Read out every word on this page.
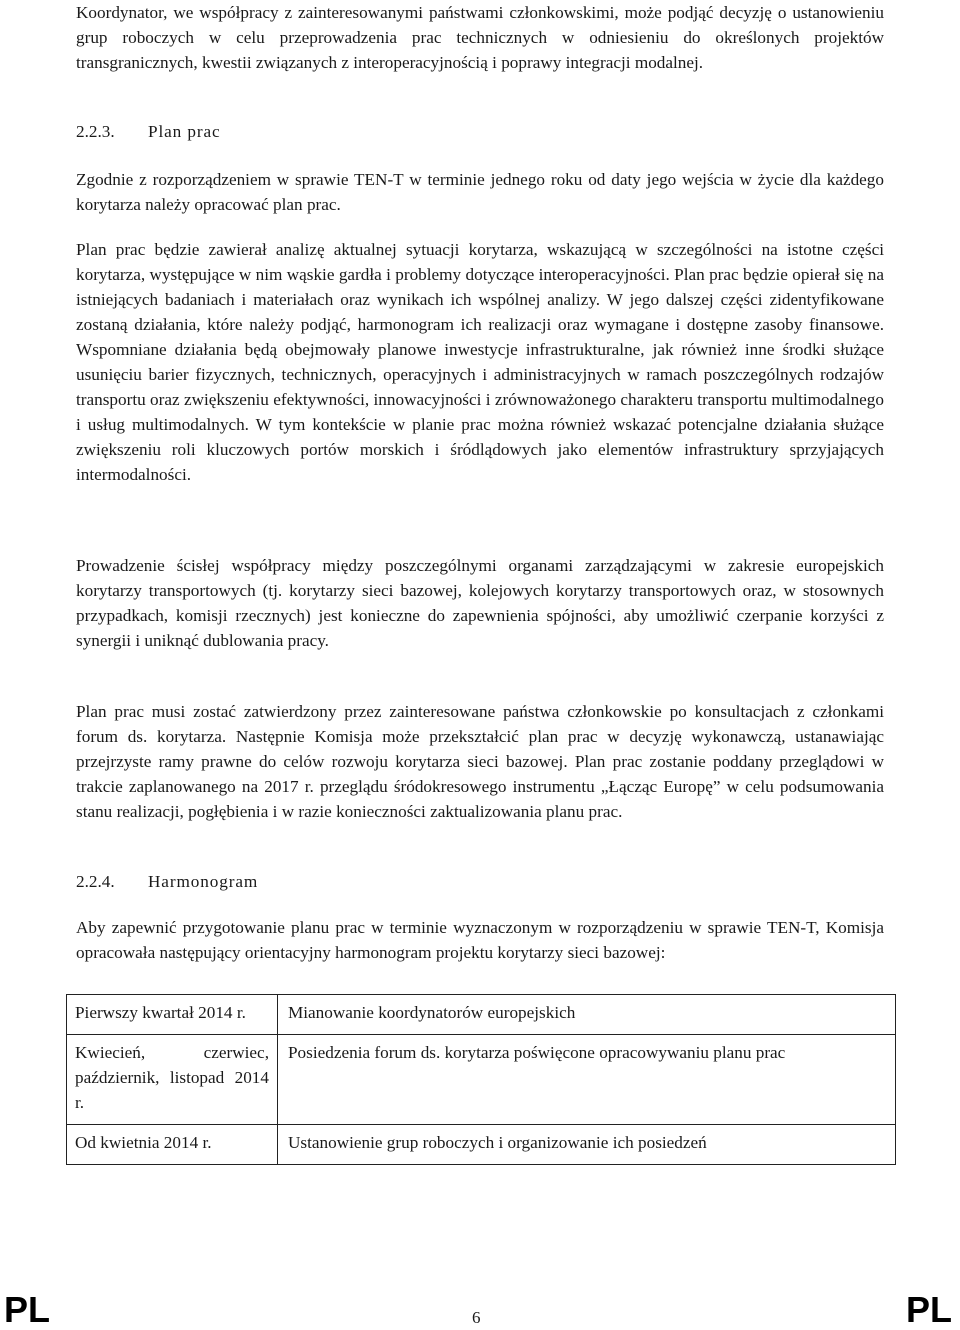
Koordynator, we współpracy z zainteresowanymi państwami członkowskimi, może podjąć decyzję o ustanowieniu grup roboczych w celu przeprowadzenia prac technicznych w odniesieniu do określonych projektów transgranicznych, kwestii związanych z interoperacyjnością i poprawy integracji modalnej.

2.2.3. Plan prac

Zgodnie z rozporządzeniem w sprawie TEN-T w terminie jednego roku od daty jego wejścia w życie dla każdego korytarza należy opracować plan prac.

Plan prac będzie zawierał analizę aktualnej sytuacji korytarza, wskazującą w szczególności na istotne części korytarza, występujące w nim wąskie gardła i problemy dotyczące interoperacyjności. Plan prac będzie opierał się na istniejących badaniach i materiałach oraz wynikach ich wspólnej analizy. W jego dalszej części zidentyfikowane zostaną działania, które należy podjąć, harmonogram ich realizacji oraz wymagane i dostępne zasoby finansowe. Wspomniane działania będą obejmowały planowe inwestycje infrastrukturalne, jak również inne środki służące usunięciu barier fizycznych, technicznych, operacyjnych i administracyjnych w ramach poszczególnych rodzajów transportu oraz zwiększeniu efektywności, innowacyjności i zrównoważonego charakteru transportu multimodalnego i usług multimodalnych. W tym kontekście w planie prac można również wskazać potencjalne działania służące zwiększeniu roli kluczowych portów morskich i śródlądowych jako elementów infrastruktury sprzyjających intermodalności.

Prowadzenie ścisłej współpracy między poszczególnymi organami zarządzającymi w zakresie europejskich korytarzy transportowych (tj. korytarzy sieci bazowej, kolejowych korytarzy transportowych oraz, w stosownych przypadkach, komisji rzecznych) jest konieczne do zapewnienia spójności, aby umożliwić czerpanie korzyści z synergii i uniknąć dublowania pracy.

Plan prac musi zostać zatwierdzony przez zainteresowane państwa członkowskie po konsultacjach z członkami forum ds. korytarza. Następnie Komisja może przekształcić plan prac w decyzję wykonawczą, ustanawiając przejrzyste ramy prawne do celów rozwoju korytarza sieci bazowej. Plan prac zostanie poddany przeglądowi w trakcie zaplanowanego na 2017 r. przeglądu śródokresowego instrumentu „Łącząc Europę” w celu podsumowania stanu realizacji, pogłębienia i w razie konieczności zaktualizowania planu prac.

2.2.4. Harmonogram

Aby zapewnić przygotowanie planu prac w terminie wyznaczonym w rozporządzeniu w sprawie TEN-T, Komisja opracowała następujący orientacyjny harmonogram projektu korytarzy sieci bazowej:

Pierwszy kwartał 2014 r.	Mianowanie koordynatorów europejskich
Kwiecień, czerwiec, październik, listopad 2014 r.	Posiedzenia forum ds. korytarza poświęcone opracowywaniu planu prac
Od kwietnia 2014 r.	Ustanowienie grup roboczych i organizowanie ich posiedzeń
PL	6	PL
